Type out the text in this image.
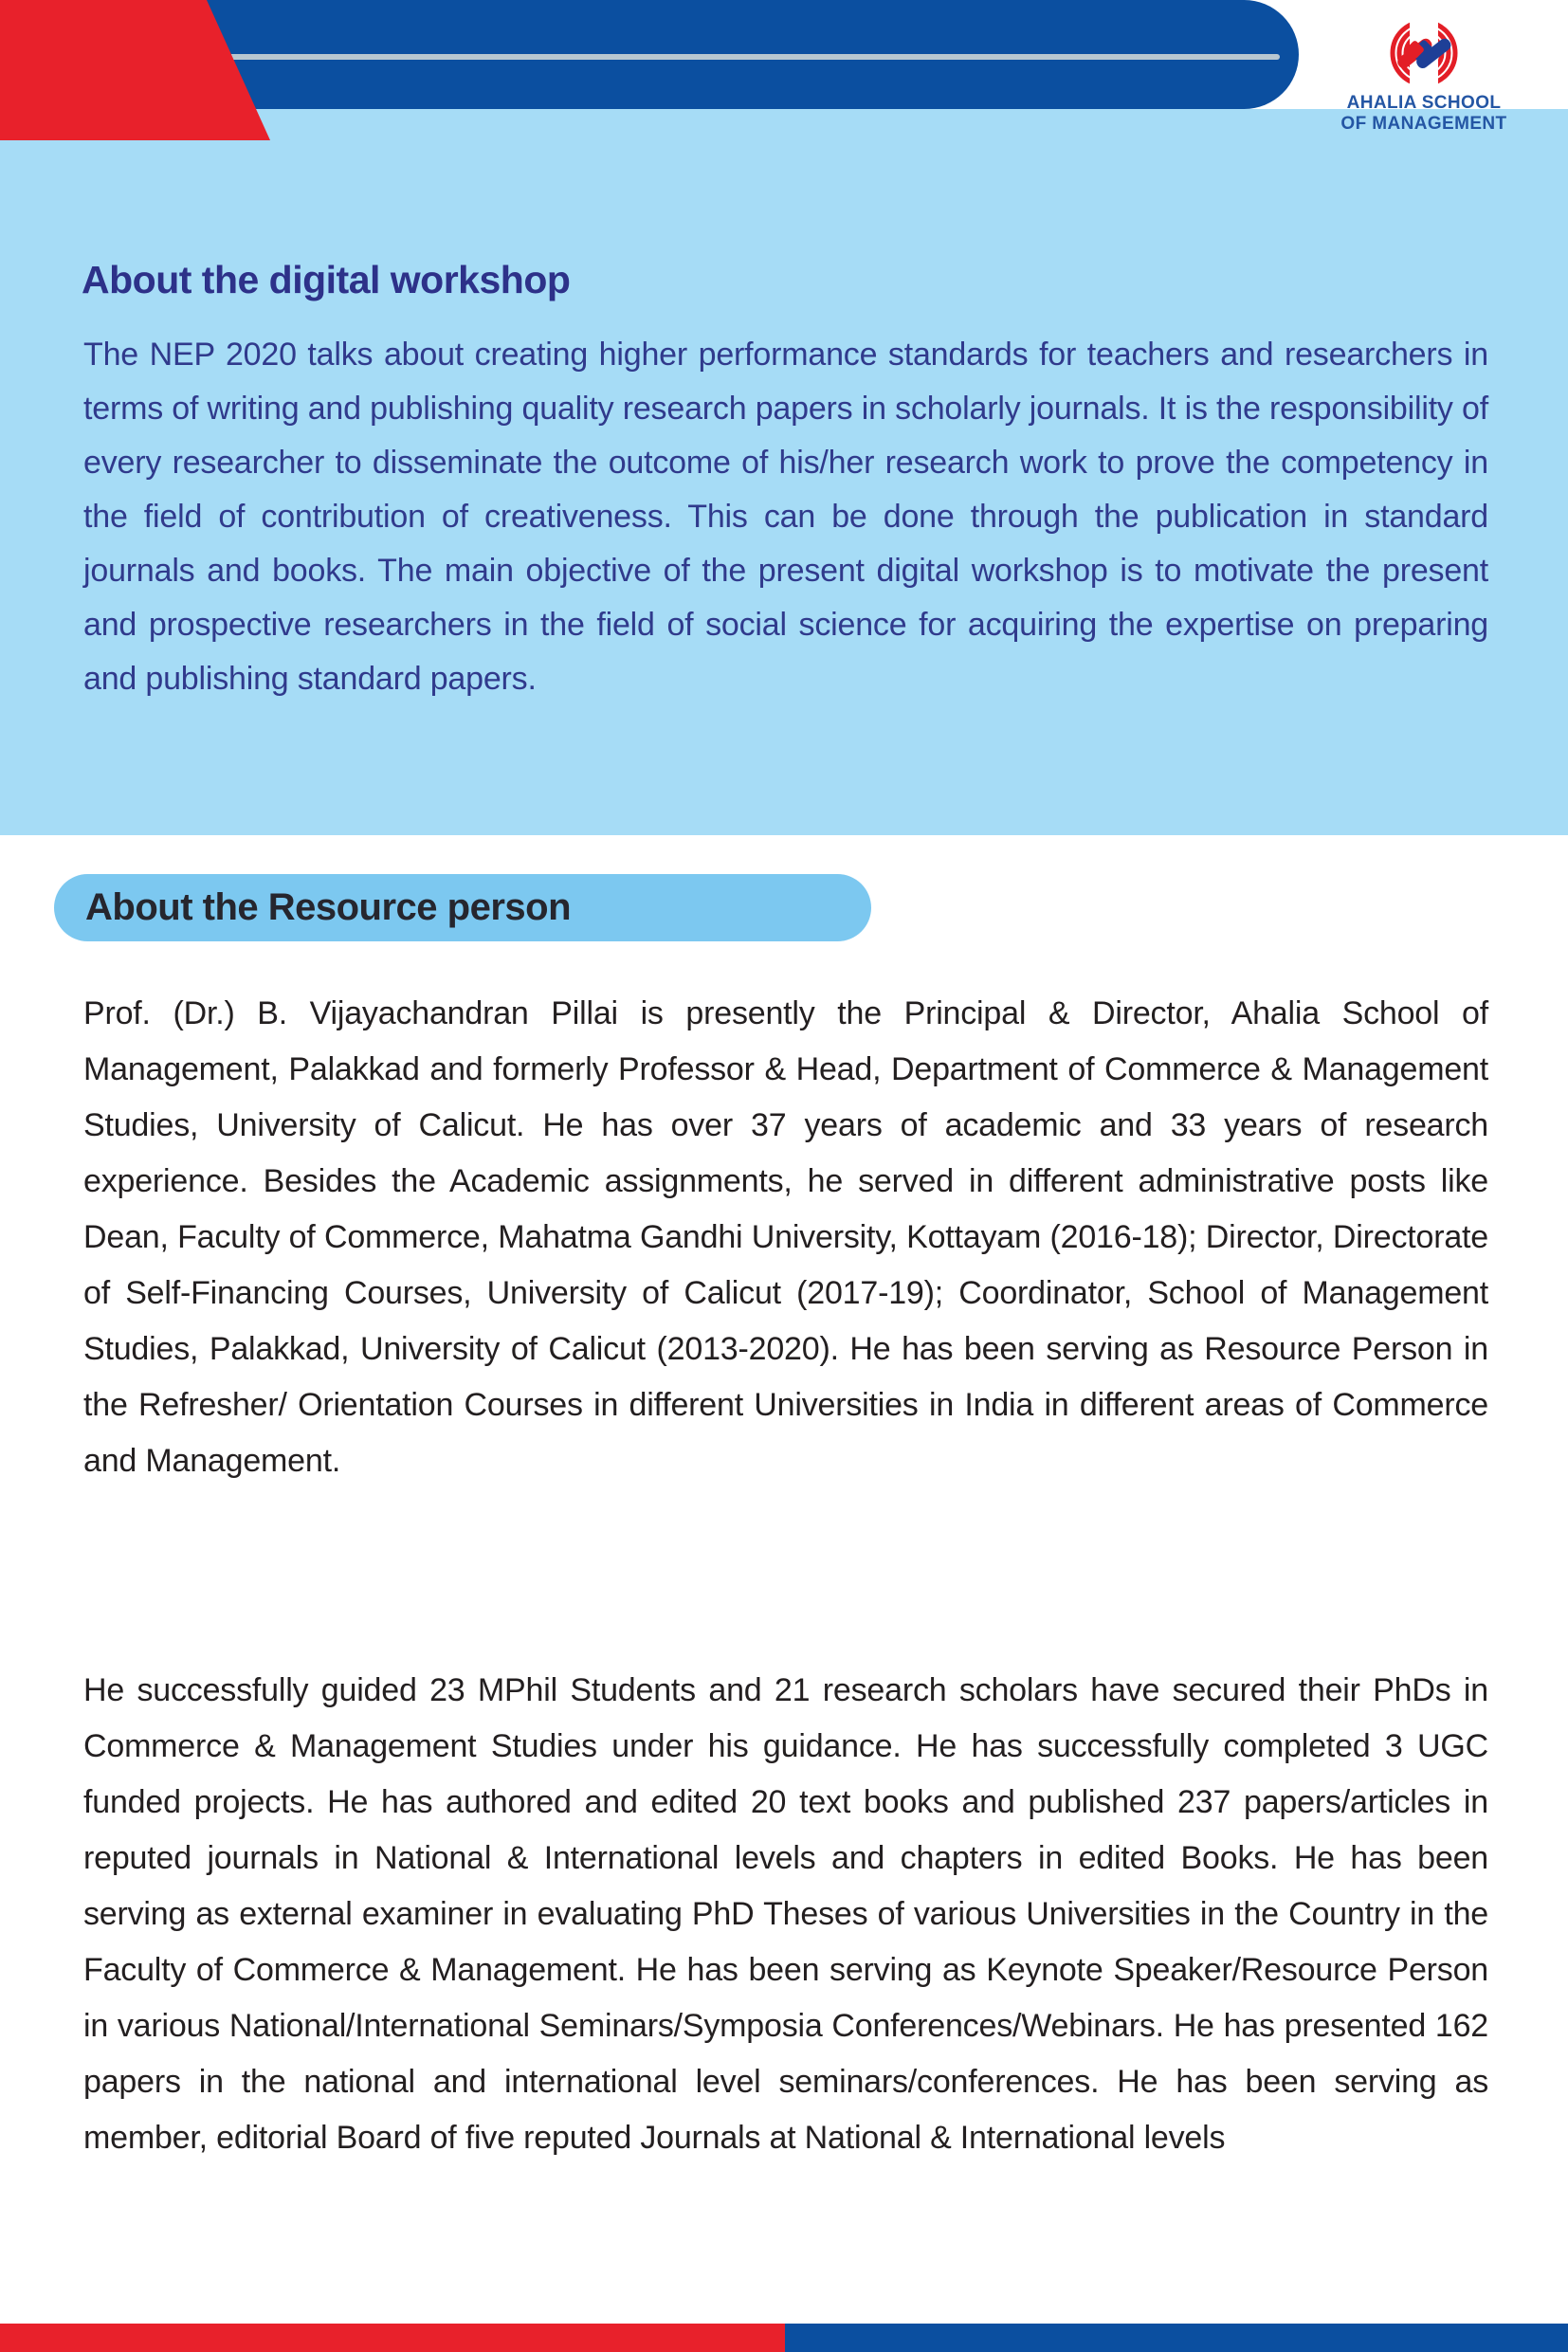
AHALIA SCHOOL
OF MANAGEMENT
About the digital workshop
The NEP 2020 talks about creating higher performance standards for teachers and researchers in terms of writing and publishing quality research papers in scholarly journals. It is the responsibility of every researcher to disseminate the outcome of his/her research work to prove the competency in the field of contribution of creativeness. This can be done through the publication in standard journals and books. The main objective of the present digital workshop is to motivate the present and prospective researchers in the field of social science for acquiring the expertise on preparing and publishing standard papers.
About the Resource person
Prof. (Dr.) B. Vijayachandran Pillai is presently the Principal & Director, Ahalia School of Management, Palakkad and formerly Professor & Head, Department of Commerce & Management Studies, University of Calicut. He has over 37 years of academic and 33 years of research experience. Besides the Academic assignments, he served in different administrative posts like Dean, Faculty of Commerce, Mahatma Gandhi University, Kottayam (2016-18); Director, Directorate of Self-Financing Courses, University of Calicut (2017-19); Coordinator, School of Management Studies, Palakkad, University of Calicut (2013-2020). He has been serving as Resource Person in the Refresher/ Orientation Courses in different Universities in India in different areas of Commerce and Management.
He successfully guided 23 MPhil Students and 21 research scholars have secured their PhDs in Commerce & Management Studies under his guidance. He has successfully completed 3 UGC funded projects. He has authored and edited 20 text books and published 237 papers/articles in reputed journals in National & International levels and chapters in edited Books. He has been serving as external examiner in evaluating PhD Theses of various Universities in the Country in the Faculty of Commerce & Management. He has been serving as Keynote Speaker/Resource Person in various National/International Seminars/Symposia Conferences/Webinars. He has presented 162 papers in the national and international level seminars/conferences. He has been serving as member, editorial Board of five reputed Journals at National & International levels
